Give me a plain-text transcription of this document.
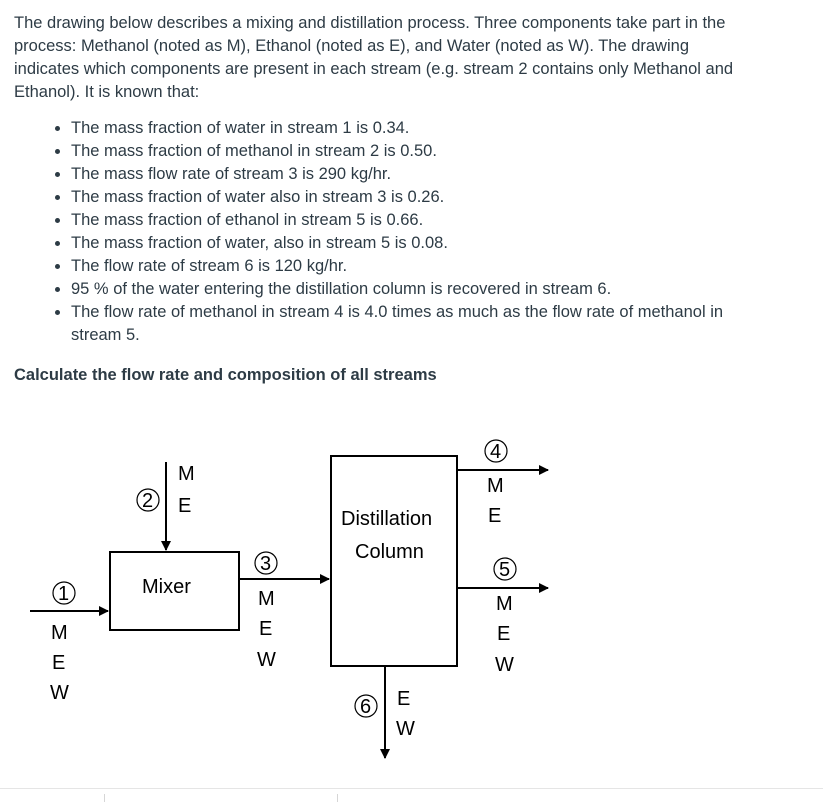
The drawing below describes a mixing and distillation process. Three components take part in the process: Methanol (noted as M), Ethanol (noted as E), and Water (noted as W). The drawing indicates which components are present in each stream (e.g. stream 2 contains only Methanol and Ethanol). It is known that:

• The mass fraction of water in stream 1 is 0.34.
• The mass fraction of methanol in stream 2 is 0.50.
• The mass flow rate of stream 3 is 290 kg/hr.
• The mass fraction of water also in stream 3 is 0.26.
• The mass fraction of ethanol in stream 5 is 0.66.
• The mass fraction of water, also in stream 5 is 0.08.
• The flow rate of stream 6 is 120 kg/hr.
• 95 % of the water entering the distillation column is recovered in stream 6.
• The flow rate of methanol in stream 4 is 4.0 times as much as the flow rate of methanol in stream 5.

Calculate the flow rate and composition of all streams

Mixer
Distillation
Column
1
M
E
W
2
M
E
3
M
E
W
4
M
E
5
M
E
W
6 E
W
